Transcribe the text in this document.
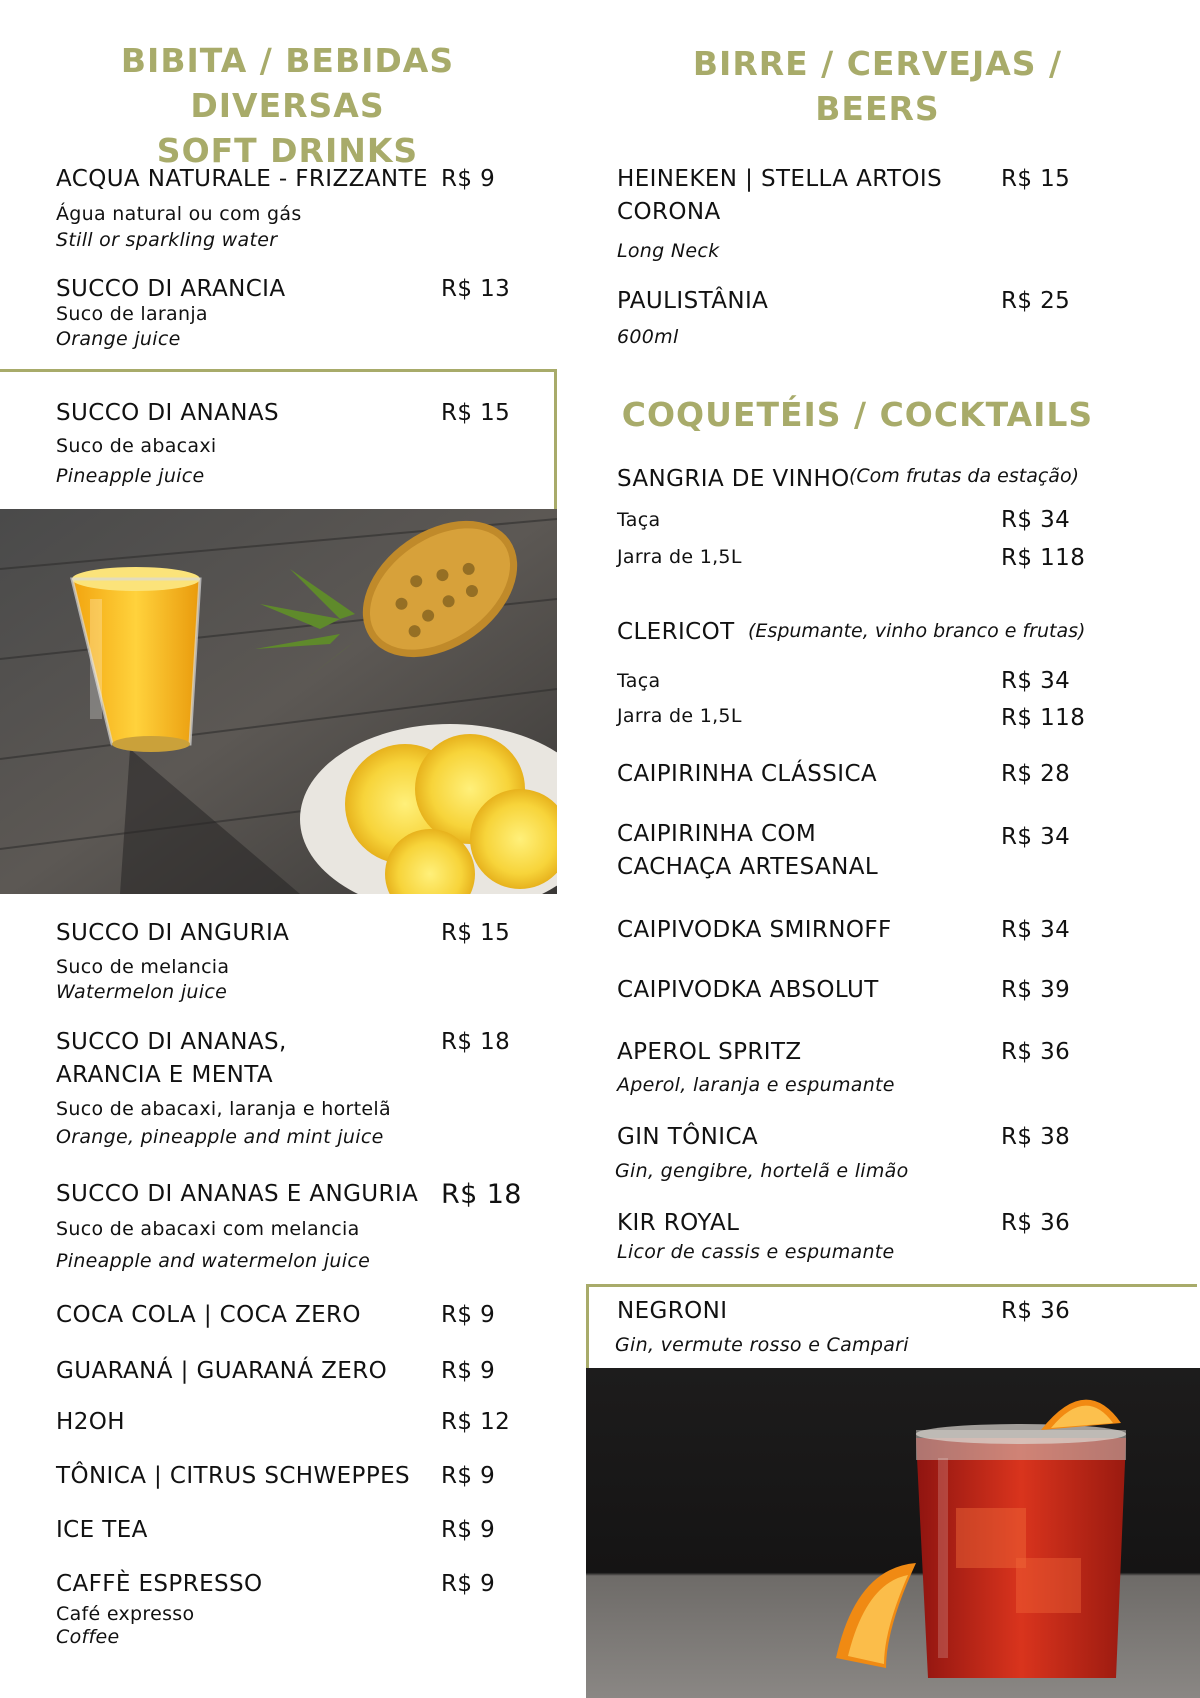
BIBITA / BEBIDAS DIVERSAS
SOFT DRINKS
ACQUA NATURALE - FRIZZANTE R$ 9
Água natural ou com gás
Still or sparkling water
SUCCO DI ARANCIA	R$ 13
Suco de laranja
Orange juice
SUCCO DI ANANAS	R$ 15
Suco de abacaxi
Pineapple juice
SUCCO DI ANGURIA	R$ 15
Suco de melancia
Watermelon juice
SUCCO DI ANANAS,
ARANCIA E MENTA
R$ 18
Suco de abacaxi, laranja e hortelã
Orange, pineapple and mint juice
SUCCO DI ANANAS E ANGURIA R$ 18
Suco de abacaxi com melancia
Pineapple and watermelon juice
COCA COLA | COCA ZERO	R$ 9
GUARANÁ | GUARANÁ ZERO R$ 9
H2OH	R$ 12
TÔNICA | CITRUS SCHWEPPES R$ 9
ICE TEA	R$ 9
CAFFÈ ESPRESSO	R$ 9
Café expresso
Coffee
BIRRE / CERVEJAS / BEERS
HEINEKEN | STELLA ARTOIS
CORONA
R$ 15
Long Neck
PAULISTÂNIA	R$ 25
600ml
COQUETÉIS / COCKTAILS
SANGRIA DE VINHO (Com frutas da estação)
Taça	R$ 34
Jarra de 1,5L	R$ 118
CLERICOT (Espumante, vinho branco e frutas)
Taça	R$ 34
Jarra de 1,5L	R$ 118
CAIPIRINHA CLÁSSICA	R$ 28
CAIPIRINHA COM
CACHAÇA ARTESANAL
R$ 34
CAIPIVODKA SMIRNOFF	R$ 34
CAIPIVODKA ABSOLUT	R$ 39
APEROL SPRITZ	R$ 36
Aperol, laranja e espumante
GIN TÔNICA	R$ 38
Gin, gengibre, hortelã e limão
KIR ROYAL	R$ 36
Licor de cassis e espumante
NEGRONI	R$ 36
Gin, vermute rosso e Campari
